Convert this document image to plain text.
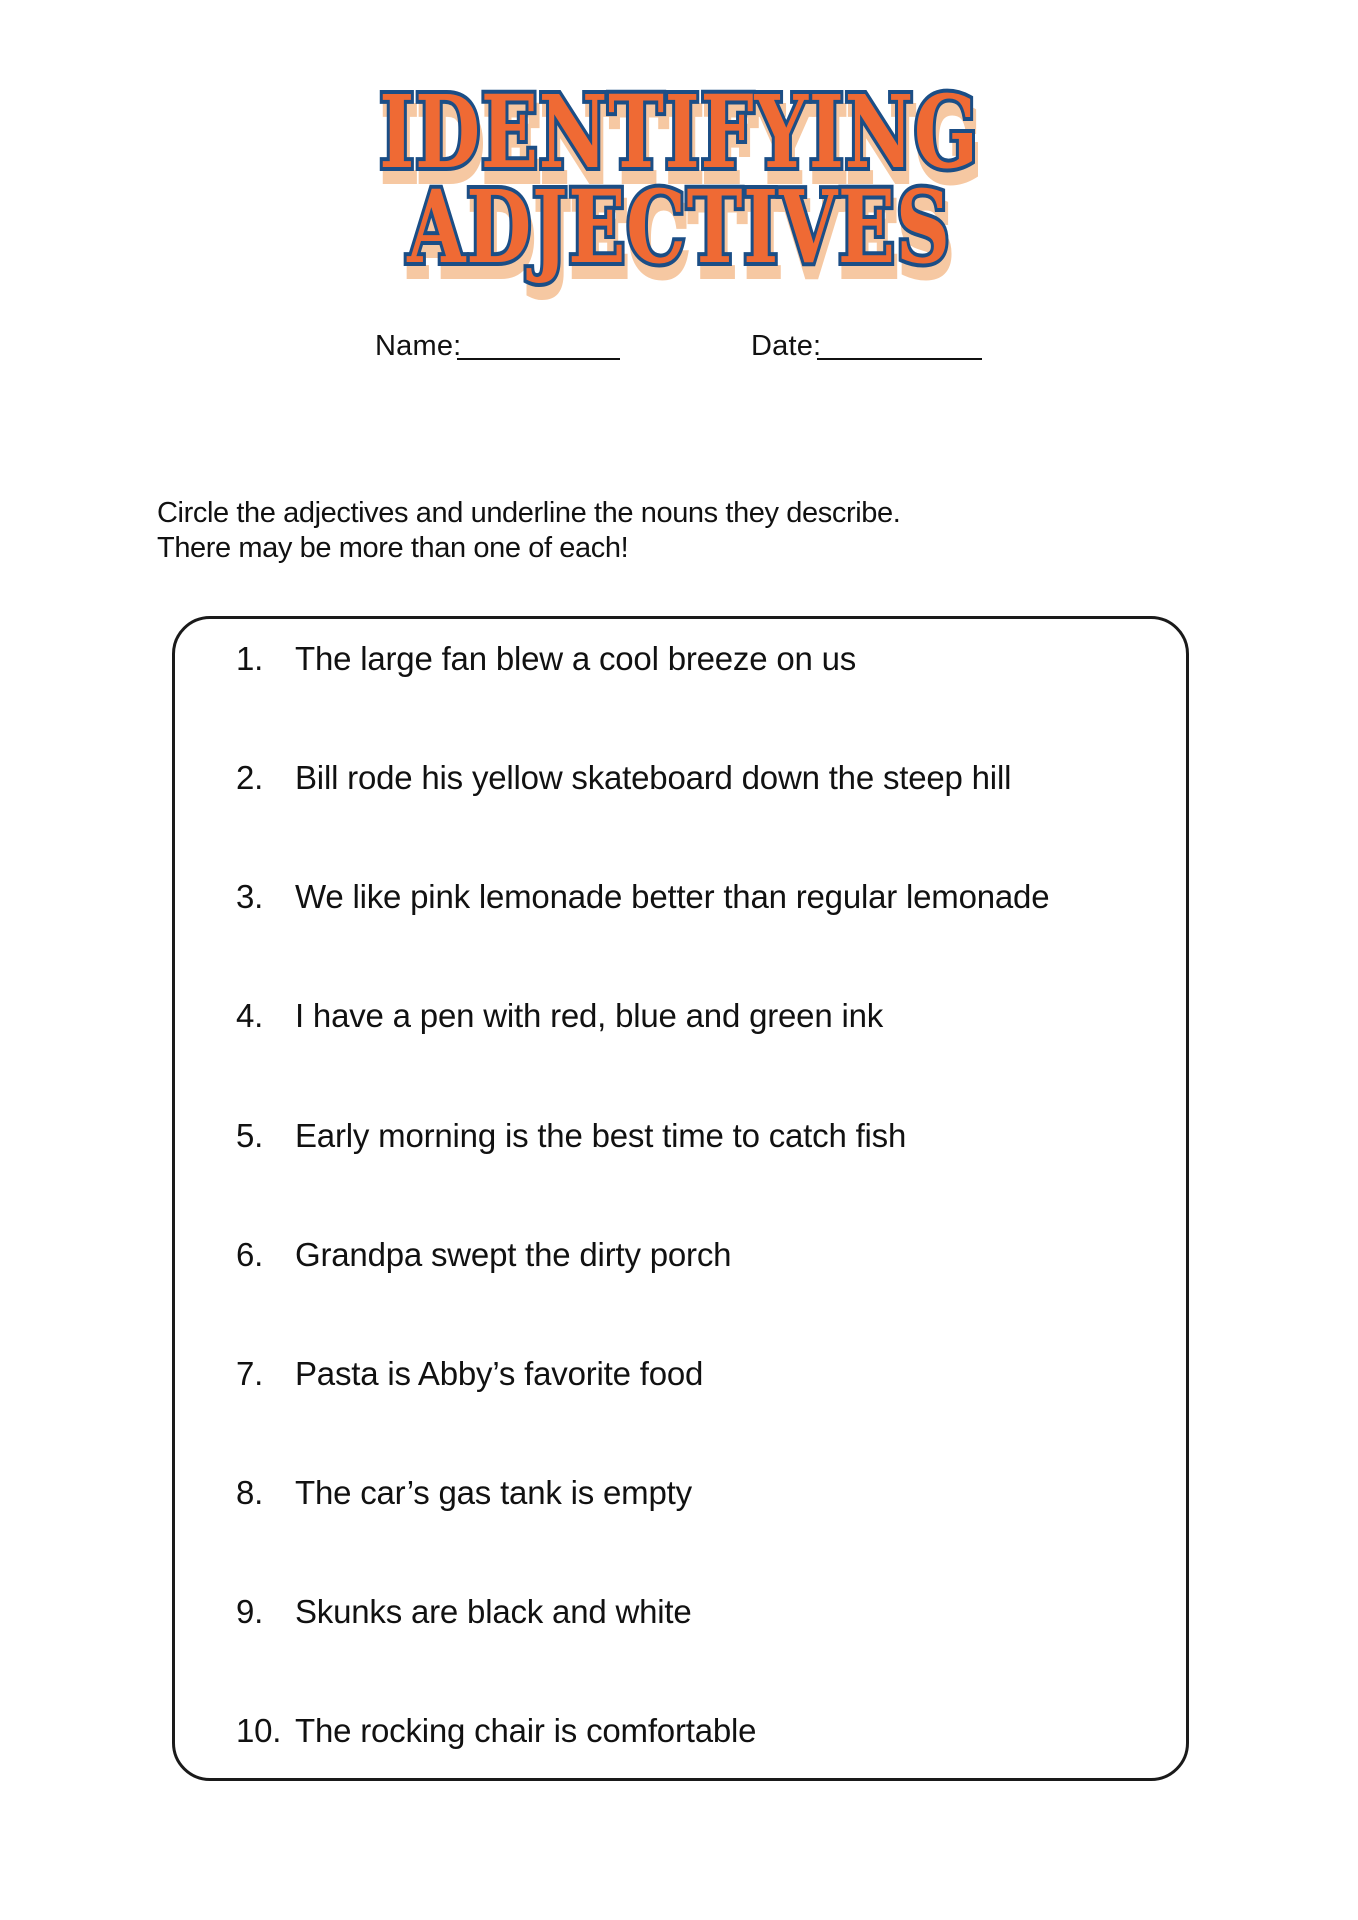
IDENTIFYING
ADJECTIVES
Name:	Date:
Circle the adjectives and underline the nouns they describe.
There may be more than one of each!
1. The large fan blew a cool breeze on us
2. Bill rode his yellow skateboard down the steep hill
3. We like pink lemonade better than regular lemonade
4. I have a pen with red, blue and green ink
5. Early morning is the best time to catch fish
6. Grandpa swept the dirty porch
7. Pasta is Abby’s favorite food
8. The car’s gas tank is empty
9. Skunks are black and white
10. The rocking chair is comfortable
